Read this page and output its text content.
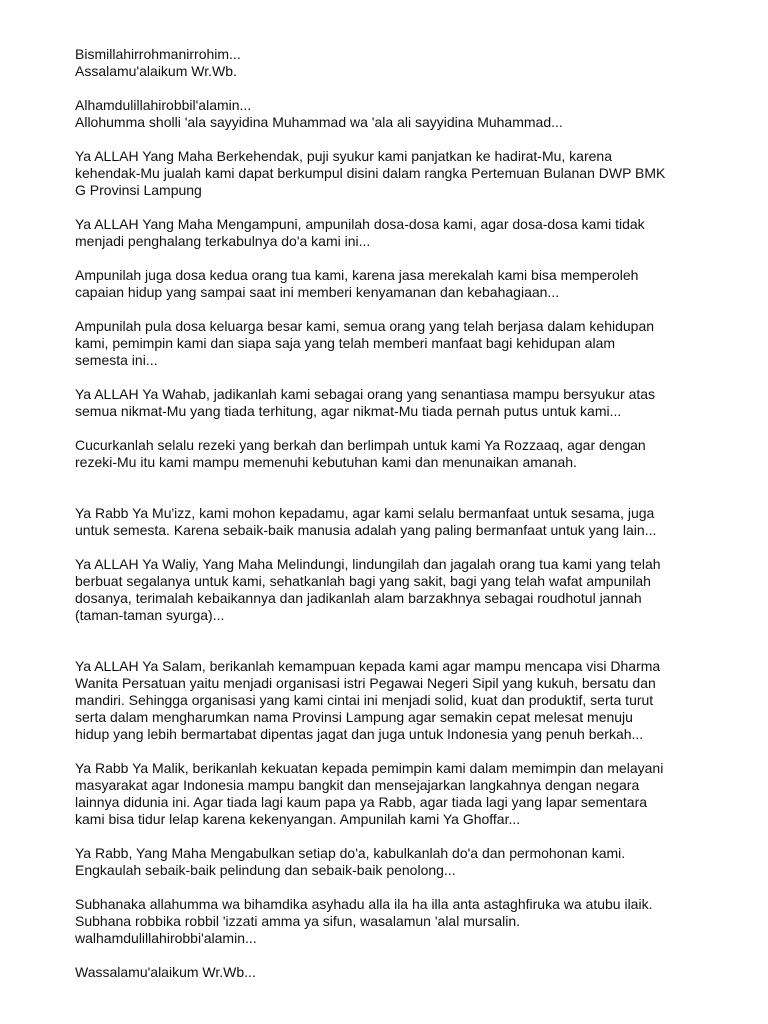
Bismillahirrohmanirrohim...
Assalamu'alaikum Wr.Wb.

Alhamdulillahirobbil'alamin...
Allohumma sholli 'ala sayyidina Muhammad wa 'ala ali sayyidina Muhammad...

Ya ALLAH Yang Maha Berkehendak, puji syukur kami panjatkan ke hadirat-Mu, karena
kehendak-Mu jualah kami dapat berkumpul disini dalam rangka Pertemuan Bulanan DWP BMK
G Provinsi Lampung

Ya ALLAH Yang Maha Mengampuni, ampunilah dosa-dosa kami, agar dosa-dosa kami tidak
menjadi penghalang terkabulnya do'a kami ini...

Ampunilah juga dosa kedua orang tua kami, karena jasa merekalah kami bisa memperoleh
capaian hidup yang sampai saat ini memberi kenyamanan dan kebahagiaan...

Ampunilah pula dosa keluarga besar kami, semua orang yang telah berjasa dalam kehidupan
kami, pemimpin kami dan siapa saja yang telah memberi manfaat bagi kehidupan alam
semesta ini...

Ya ALLAH Ya Wahab, jadikanlah kami sebagai orang yang senantiasa mampu bersyukur atas
semua nikmat-Mu yang tiada terhitung, agar nikmat-Mu tiada pernah putus untuk kami...

Cucurkanlah selalu rezeki yang berkah dan berlimpah untuk kami Ya Rozzaaq, agar dengan
rezeki-Mu itu kami mampu memenuhi kebutuhan kami dan menunaikan amanah.

Ya Rabb Ya Mu'izz, kami mohon kepadamu, agar kami selalu bermanfaat untuk sesama, juga
untuk semesta. Karena sebaik-baik manusia adalah yang paling bermanfaat untuk yang lain...

Ya ALLAH Ya Waliy, Yang Maha Melindungi, lindungilah dan jagalah orang tua kami yang telah
berbuat segalanya untuk kami, sehatkanlah bagi yang sakit, bagi yang telah wafat ampunilah
dosanya, terimalah kebaikannya dan jadikanlah alam barzakhnya sebagai roudhotul jannah
(taman-taman syurga)...

Ya ALLAH Ya Salam, berikanlah kemampuan kepada kami agar mampu mencapa visi Dharma
Wanita Persatuan yaitu menjadi organisasi istri Pegawai Negeri Sipil yang kukuh, bersatu dan
mandiri. Sehingga organisasi yang kami cintai ini menjadi solid, kuat dan produktif, serta turut
serta dalam mengharumkan nama Provinsi Lampung agar semakin cepat melesat menuju
hidup yang lebih bermartabat dipentas jagat dan juga untuk Indonesia yang penuh berkah...

Ya Rabb Ya Malik, berikanlah kekuatan kepada pemimpin kami dalam memimpin dan melayani
masyarakat agar Indonesia mampu bangkit dan mensejajarkan langkahnya dengan negara
lainnya didunia ini. Agar tiada lagi kaum papa ya Rabb, agar tiada lagi yang lapar sementara
kami bisa tidur lelap karena kekenyangan. Ampunilah kami Ya Ghoffar...

Ya Rabb, Yang Maha Mengabulkan setiap do'a, kabulkanlah do'a dan permohonan kami.
Engkaulah sebaik-baik pelindung dan sebaik-baik penolong...

Subhanaka allahumma wa bihamdika asyhadu alla ila ha illa anta astaghfiruka wa atubu ilaik.
Subhana robbika robbil 'izzati amma ya sifun, wasalamun 'alal mursalin.
walhamdulillahirobbi'alamin...

Wassalamu'alaikum Wr.Wb...
